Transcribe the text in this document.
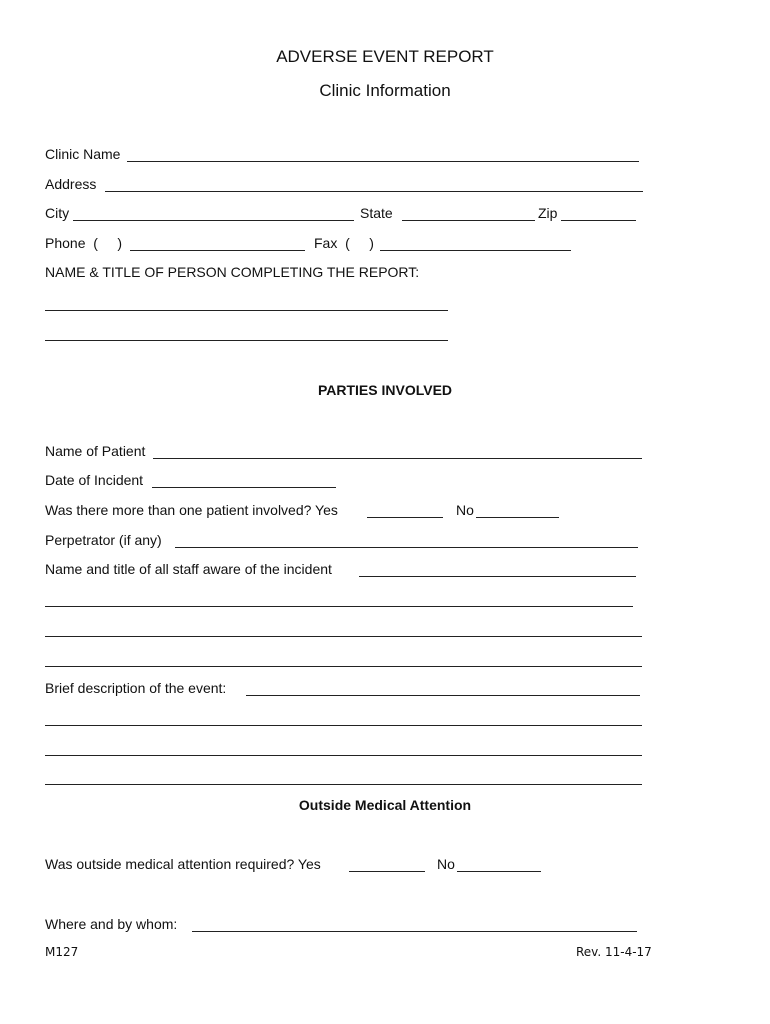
ADVERSE EVENT REPORT
Clinic Information
Clinic Name
Address
City	State	Zip
Phone  (     )	Fax  (     )
NAME & TITLE OF PERSON COMPLETING THE REPORT:
PARTIES INVOLVED
Name of Patient
Date of Incident
Was there more than one patient involved? Yes	No
Perpetrator (if any)
Name and title of all staff aware of the incident
Brief description of the event:
Outside Medical Attention
Was outside medical attention required? Yes	No
Where and by whom:
M127	Rev. 11-4-17
